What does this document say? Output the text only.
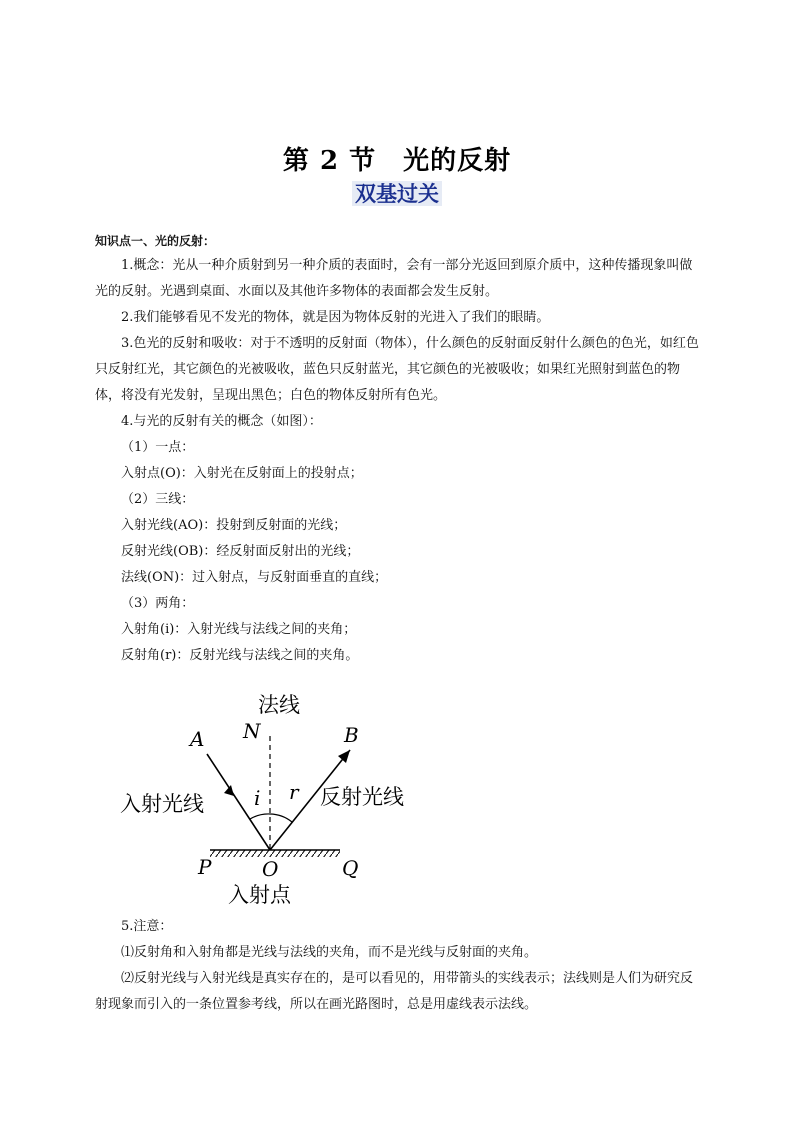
第 2 节　光的反射
双基过关
知识点一、光的反射：

1.概念：光从一种介质射到另一种介质的表面时，会有一部分光返回到原介质中，这种传播现象叫做光的反射。光遇到桌面、水面以及其他许多物体的表面都会发生反射。

2.我们能够看见不发光的物体，就是因为物体反射的光进入了我们的眼睛。

3.色光的反射和吸收：对于不透明的反射面（物体），什么颜色的反射面反射什么颜色的色光，如红色只反射红光，其它颜色的光被吸收，蓝色只反射蓝光，其它颜色的光被吸收；如果红光照射到蓝色的物体，将没有光发射，呈现出黑色；白色的物体反射所有色光。

4.与光的反射有关的概念（如图）：

（1）一点：

入射点(O)：入射光在反射面上的投射点；

（2）三线：

入射光线(AO)：投射到反射面的光线；

反射光线(OB)：经反射面反射出的光线；

法线(ON)：过入射点，与反射面垂直的直线；

（3）两角：

入射角(i)：入射光线与法线之间的夹角；

反射角(r)：反射光线与法线之间的夹角。

法线
N
A	B
i r
入射光线	反射光线
P	O	Q
入射点

5.注意：

⑴反射角和入射角都是光线与法线的夹角，而不是光线与反射面的夹角。

⑵反射光线与入射光线是真实存在的，是可以看见的，用带箭头的实线表示；法线则是人们为研究反射现象而引入的一条位置参考线，所以在画光路图时，总是用虚线表示法线。
